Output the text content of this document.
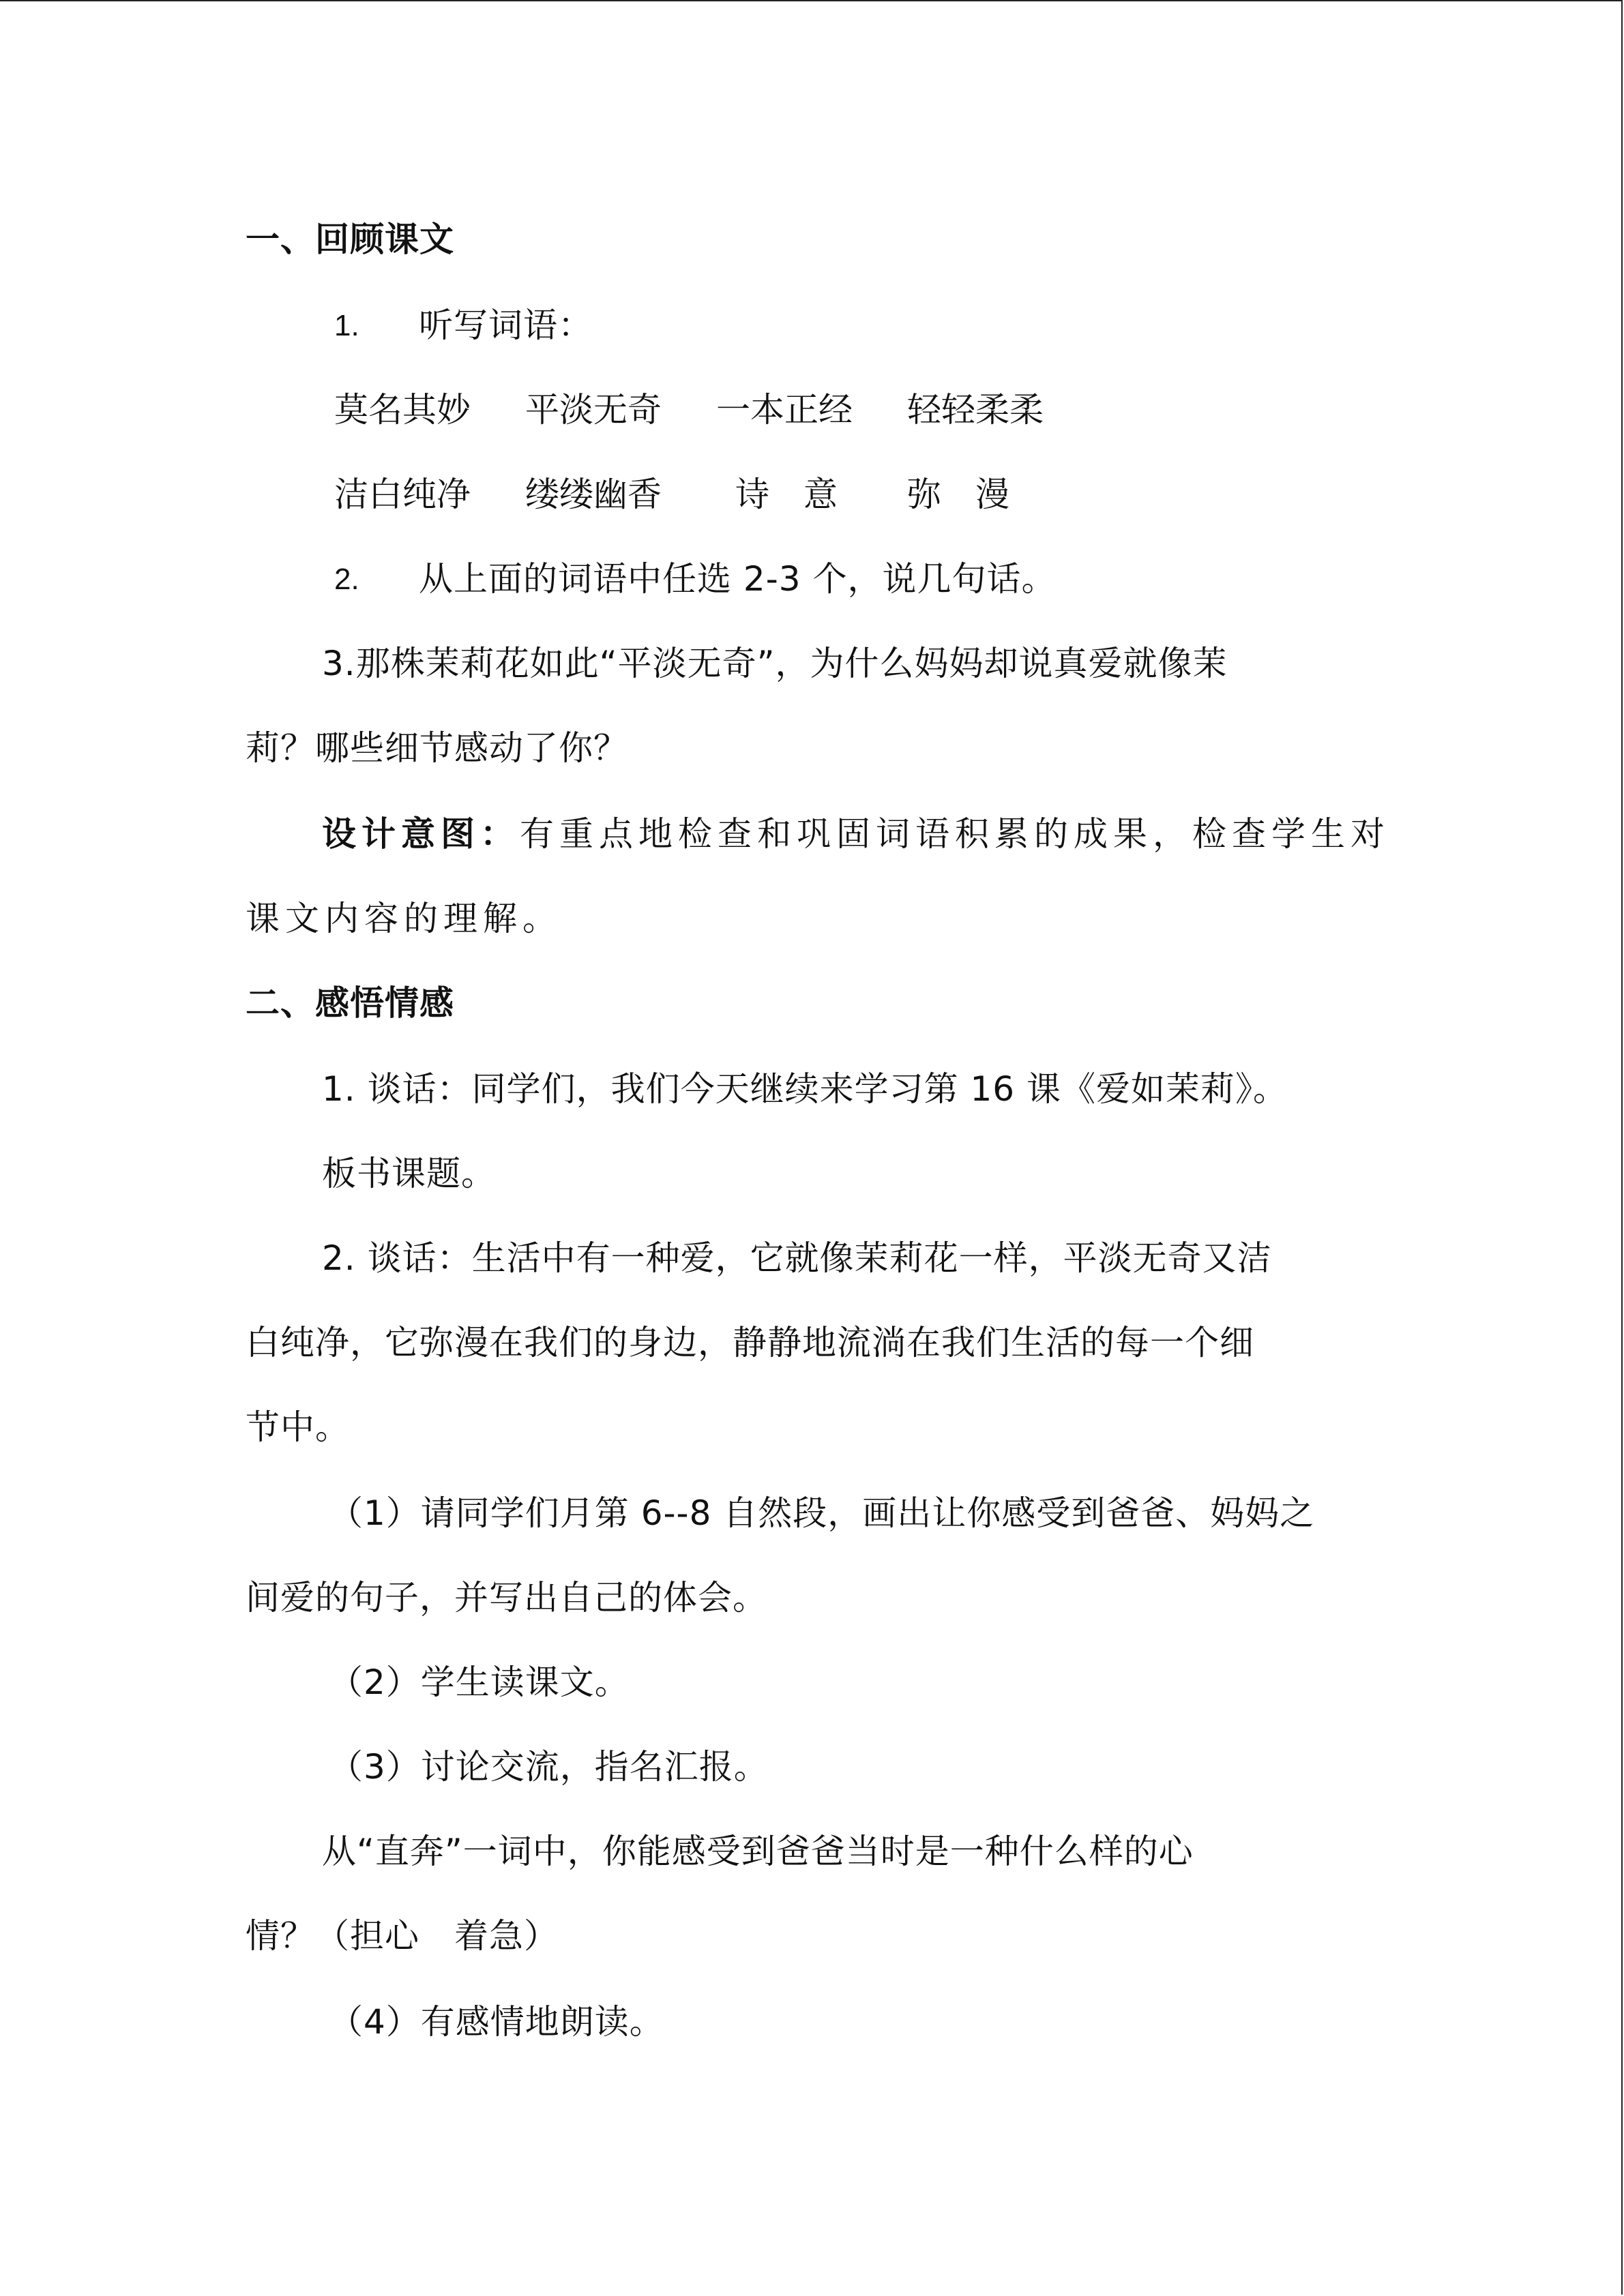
一、回顾课文
1. 听写词语：
莫名其妙 平淡无奇 一本正经 轻轻柔柔
洁白纯净 缕缕幽香 诗　意 弥　漫
2. 从上面的词语中任选 2-3 个，说几句话。
3.那株茉莉花如此“平淡无奇”，为什么妈妈却说真爱就像茉
莉？哪些细节感动了你？
设计意图：有重点地检查和巩固词语积累的成果，检查学生对
课文内容的理解。
二、感悟情感
1. 谈话：同学们，我们今天继续来学习第 16 课《爱如茉莉》。
板书课题。
2. 谈话：生活中有一种爱，它就像茉莉花一样，平淡无奇又洁
白纯净，它弥漫在我们的身边，静静地流淌在我们生活的每一个细
节中。
（1）请同学们月第 6--8 自然段，画出让你感受到爸爸、妈妈之
间爱的句子，并写出自己的体会。
（2）学生读课文。
（3）讨论交流，指名汇报。
从“直奔”一词中，你能感受到爸爸当时是一种什么样的心
情？（担心　着急）
（4）有感情地朗读。
